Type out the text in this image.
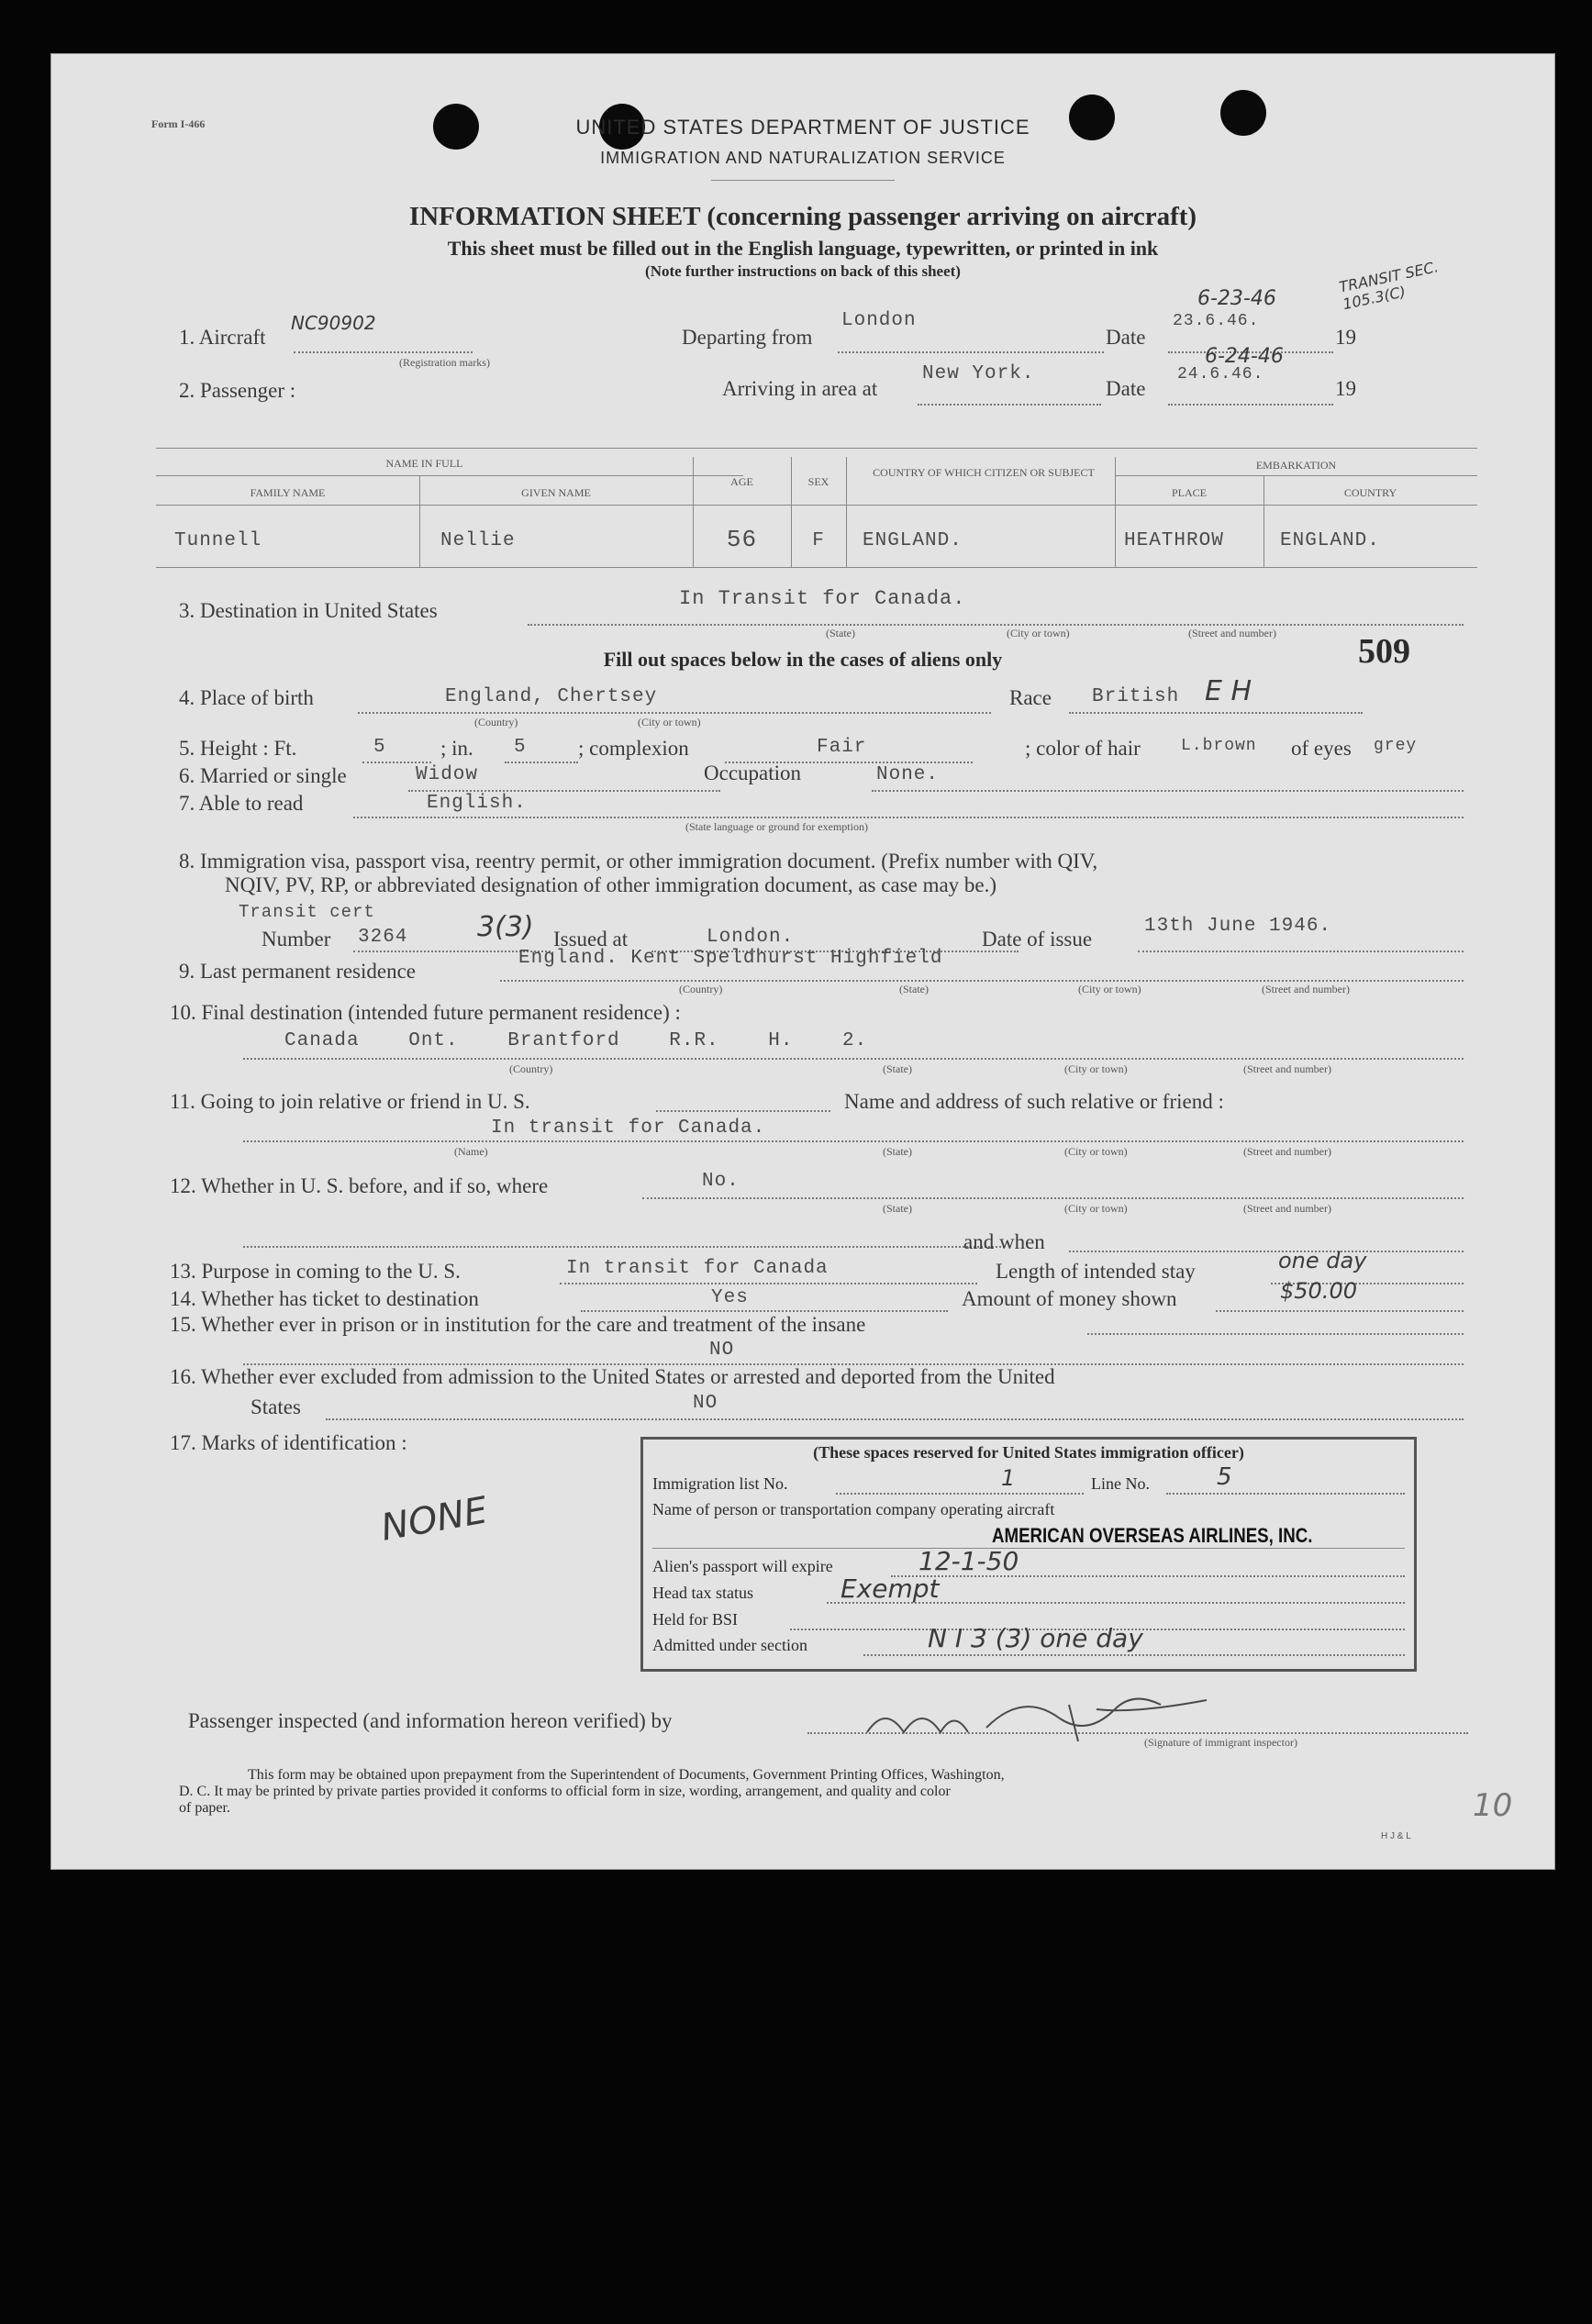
Form I-466	UNITED STATES DEPARTMENT OF JUSTICE
IMMIGRATION AND NATURALIZATION SERVICE
INFORMATION SHEET (concerning passenger arriving on aircraft)
This sheet must be filled out in the English language, typewritten, or printed in ink
(Note further instructions on back of this sheet)	TRANSIT SEC. 105.3(C)
1. Aircraft
NC90902
(Registration marks)
Departing from
London
Date
23.6.46.
6-23-46
19
2. Passenger :	Arriving in area at
New York.
Date
24.6.46.
6-24-46
19
NAME IN FULL
FAMILY NAME	GIVEN NAME
AGE	SEX
COUNTRY OF WHICH CITIZEN OR SUBJECT
EMBARKATION
PLACE	COUNTRY
Tunnell	Nellie	56	F	ENGLAND.	HEATHROW	ENGLAND.
3. Destination in United States
In Transit for Canada.
(State)	(City or town)	(Street and number)
Fill out spaces below in the cases of aliens only	509
4. Place of birth	England, Chertsey
(Country)	(City or town)
Race British E H
5. Height : Ft.	5	; in. 5 ; complexion	Fair	; color of hair L.brown of eyes grey
6. Married or single	Widow	Occupation	None.
7. Able to read	English.
(State language or ground for exemption)
8. Immigration visa, passport visa, reentry permit, or other immigration document. (Prefix number with QIV,
NQIV, PV, RP, or abbreviated designation of other immigration document, as case may be.)
Transit cert
Number 3264	3(3) Issued at	London.	Date of issue
13th June 1946.
9. Last permanent residence
England. Kent Speldhurst Highfield
(Country)	(State)	(City or town)	(Street and number)
10. Final destination (intended future permanent residence) :
Canada Ont. Brantford R.R. H. 2.
(Country)	(State)	(City or town)	(Street and number)
11. Going to join relative or friend in U. S.	Name and address of such relative or friend :
In transit for Canada.
(Name)	(State)	(City or town)	(Street and number)
12. Whether in U. S. before, and if so, where	No.
(State)	(City or town)	(Street and number)
and when
13. Purpose in coming to the U. S.	In transit for Canada	Length of intended stay	one day
14. Whether has ticket to destination	Yes	Amount of money shown	$50.00
15. Whether ever in prison or in institution for the care and treatment of the insane
NO
16. Whether ever excluded from admission to the United States or arrested and deported from the United
States	NO
17. Marks of identification :
NONE
(These spaces reserved for United States immigration officer)
Immigration list No.	1	Line No.	5
Name of person or transportation company operating aircraft
AMERICAN OVERSEAS AIRLINES, INC.
Alien's passport will expire	12-1-50
Head tax status	Exempt
Held for BSI
Admitted under section	N I 3 (3) one day
Passenger inspected (and information hereon verified) by
(Signature of immigrant inspector)
This form may be obtained upon prepayment from the Superintendent of Documents, Government Printing Offices, Washington,
D. C. It may be printed by private parties provided it conforms to official form in size, wording, arrangement, and quality and color
of paper.
H J & L
10
